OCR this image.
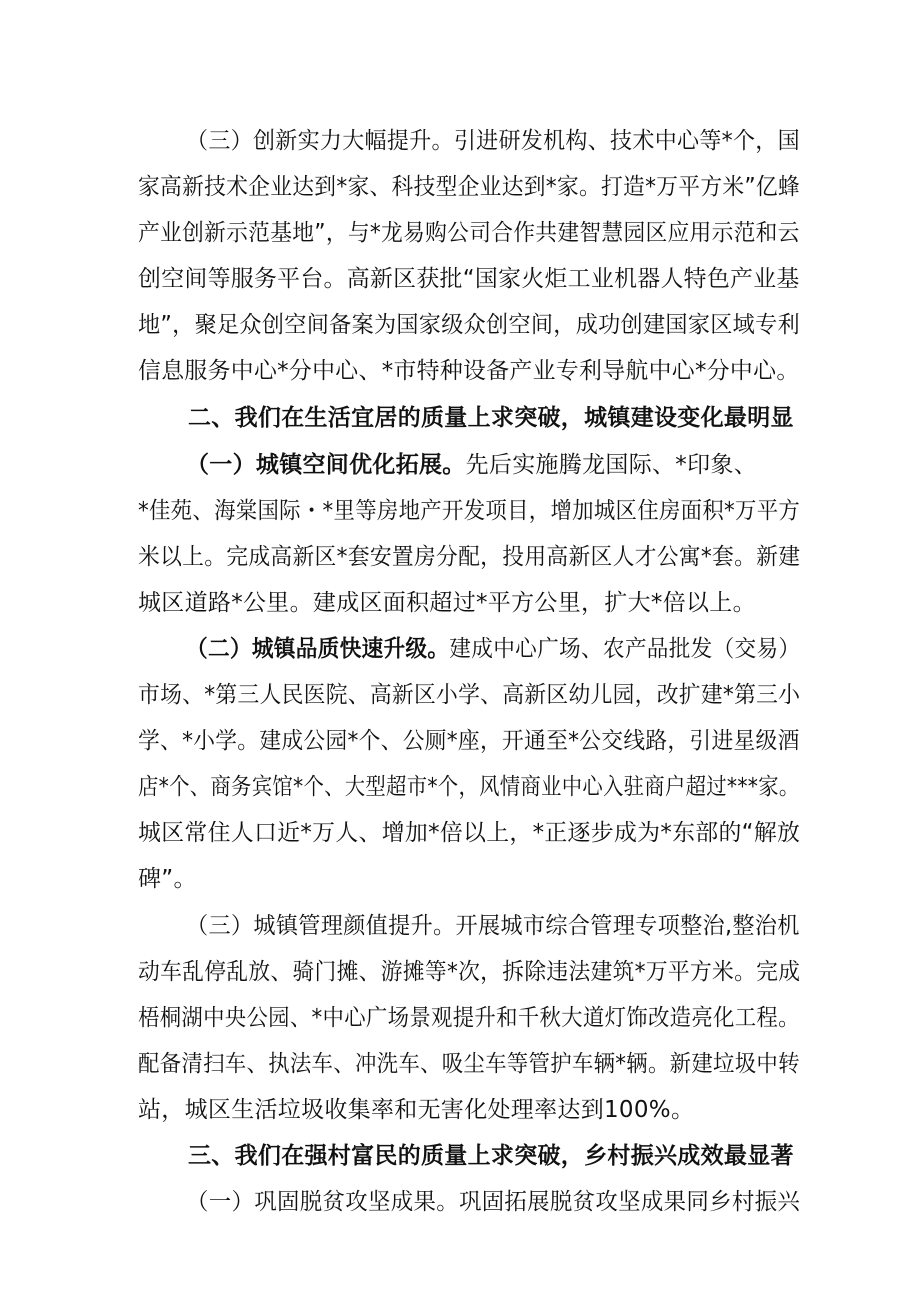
（三）创新实力大幅提升。引进研发机构、技术中心等*个，国
家高新技术企业达到*家、科技型企业达到*家。打造*万平方米”亿蜂
产业创新示范基地”，与*龙易购公司合作共建智慧园区应用示范和云
创空间等服务平台。高新区获批“国家火炬工业机器人特色产业基
地”，聚足众创空间备案为国家级众创空间，成功创建国家区域专利
信息服务中心*分中心、*市特种设备产业专利导航中心*分中心。
二、我们在生活宜居的质量上求突破，城镇建设变化最明显
（一）城镇空间优化拓展。先后实施腾龙国际、*印象、
*佳苑、海棠国际・*里等房地产开发项目，增加城区住房面积*万平方
米以上。完成高新区*套安置房分配，投用高新区人才公寓*套。新建
城区道路*公里。建成区面积超过*平方公里，扩大*倍以上。
（二）城镇品质快速升级。建成中心广场、农产品批发（交易）
市场、*第三人民医院、高新区小学、高新区幼儿园，改扩建*第三小
学、*小学。建成公园*个、公厕*座，开通至*公交线路，引进星级酒
店*个、商务宾馆*个、大型超市*个，风情商业中心入驻商户超过***家。
城区常住人口近*万人、增加*倍以上，*正逐步成为*东部的“解放
碑”。
（三）城镇管理颜值提升。开展城市综合管理专项整治,整治机
动车乱停乱放、骑门摊、游摊等*次，拆除违法建筑*万平方米。完成
梧桐湖中央公园、*中心广场景观提升和千秋大道灯饰改造亮化工程。
配备清扫车、执法车、冲洗车、吸尘车等管护车辆*辆。新建垃圾中转
站，城区生活垃圾收集率和无害化处理率达到100%。
三、我们在强村富民的质量上求突破，乡村振兴成效最显著
（一）巩固脱贫攻坚成果。巩固拓展脱贫攻坚成果同乡村振兴
